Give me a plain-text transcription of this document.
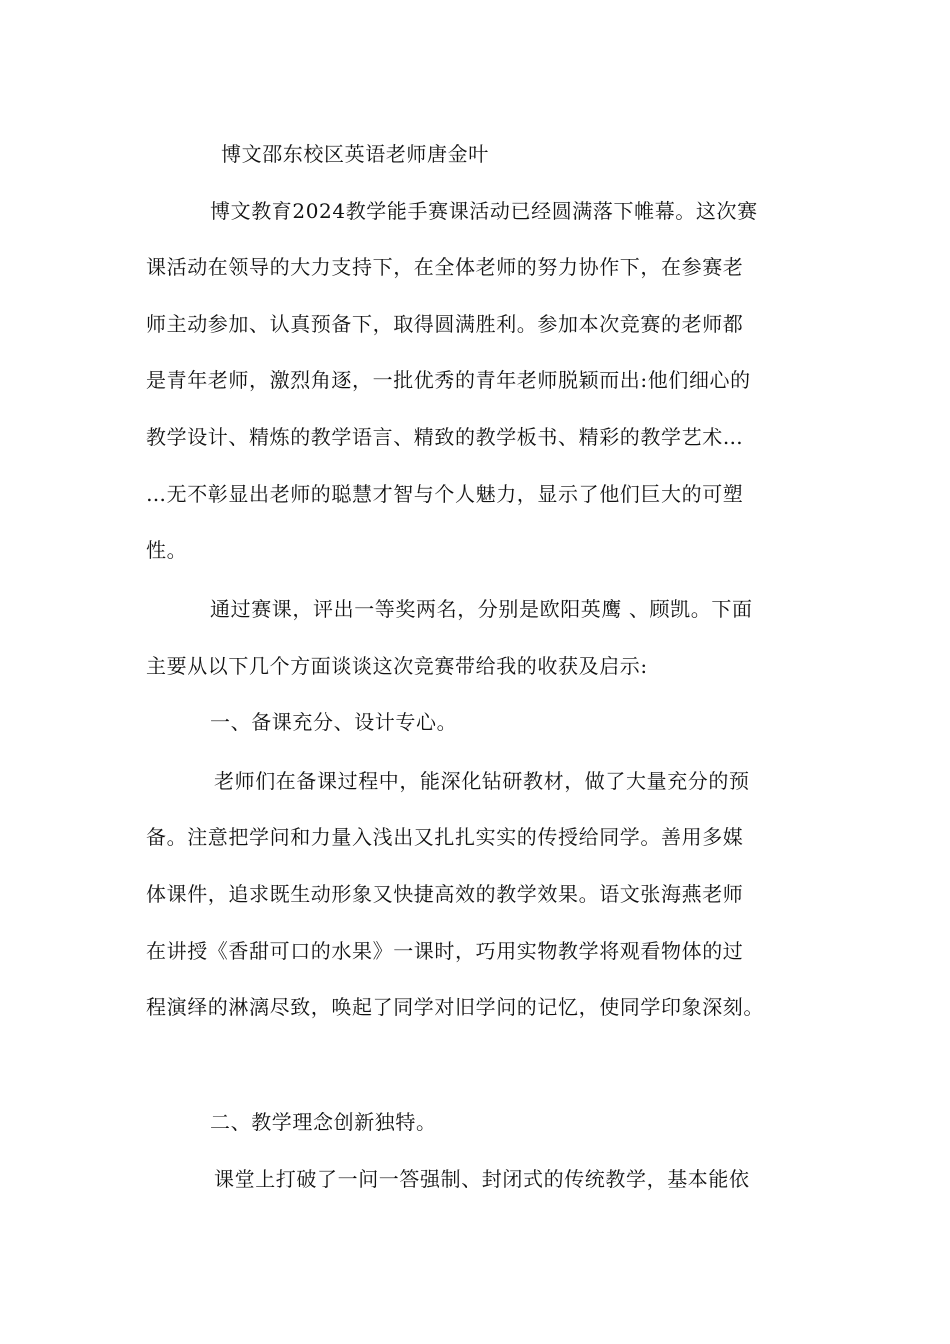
博文邵东校区英语老师唐金叶
博文教育2024教学能手赛课活动已经圆满落下帷幕。这次赛
课活动在领导的大力支持下，在全体老师的努力协作下，在参赛老
师主动参加、认真预备下，取得圆满胜利。参加本次竞赛的老师都
是青年老师，激烈角逐，一批优秀的青年老师脱颖而出:他们细心的
教学设计、精炼的教学语言、精致的教学板书、精彩的教学艺术…
…无不彰显出老师的聪慧才智与个人魅力，显示了他们巨大的可塑
性。
通过赛课，评出一等奖两名，分别是欧阳英鹰 、顾凯。下面
主要从以下几个方面谈谈这次竞赛带给我的收获及启示:
一、备课充分、设计专心。
老师们在备课过程中，能深化钻研教材，做了大量充分的预
备。注意把学问和力量入浅出又扎扎实实的传授给同学。善用多媒
体课件，追求既生动形象又快捷高效的教学效果。语文张海燕老师
在讲授《香甜可口的水果》一课时，巧用实物教学将观看物体的过
程演绎的淋漓尽致，唤起了同学对旧学问的记忆，使同学印象深刻。
二、教学理念创新独特。
课堂上打破了一问一答强制、封闭式的传统教学，基本能依
